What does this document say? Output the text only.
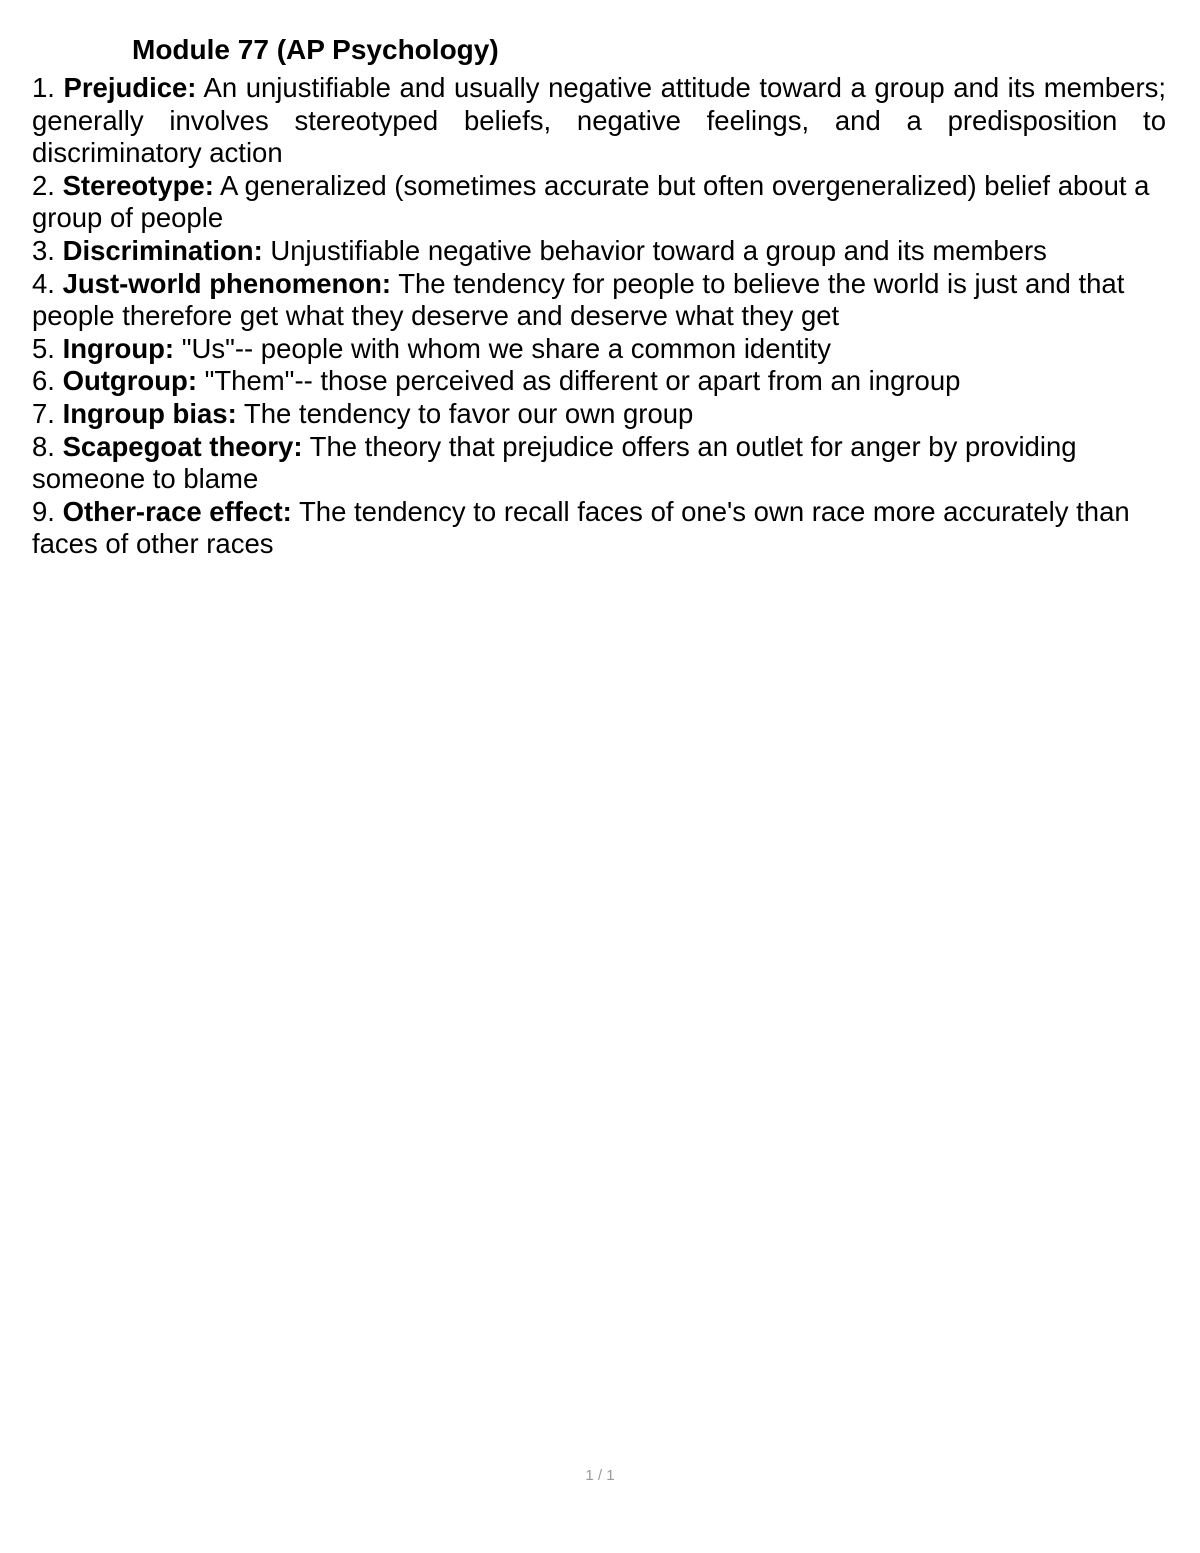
Module 77 (AP Psychology)
1. Prejudice: An unjustifiable and usually negative attitude toward a group and its members; generally involves stereotyped beliefs, negative feelings, and a predisposition to discriminatory action
2. Stereotype: A generalized (sometimes accurate but often overgeneralized) belief about a group of people
3. Discrimination: Unjustifiable negative behavior toward a group and its members
4. Just-world phenomenon: The tendency for people to believe the world is just and that people therefore get what they deserve and deserve what they get
5. Ingroup: "Us"-- people with whom we share a common identity
6. Outgroup: "Them"-- those perceived as different or apart from an ingroup
7. Ingroup bias: The tendency to favor our own group
8. Scapegoat theory: The theory that prejudice offers an outlet for anger by providing someone to blame
9. Other-race effect: The tendency to recall faces of one's own race more accurately than faces of other races
1 / 1
